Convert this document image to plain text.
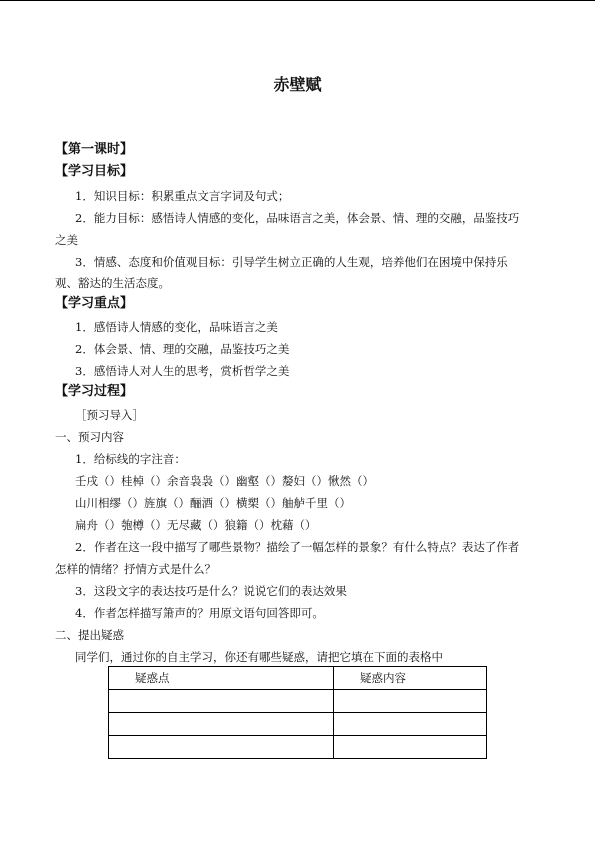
赤壁赋
【第一课时】
【学习目标】
1．知识目标：积累重点文言字词及句式；
2．能力目标：感悟诗人情感的变化，品味语言之美，体会景、情、理的交融，品鉴技巧
之美
3．情感、态度和价值观目标：引导学生树立正确的人生观，培养他们在困境中保持乐
观、豁达的生活态度。
【学习重点】
1．感悟诗人情感的变化，品味语言之美
2．体会景、情、理的交融，品鉴技巧之美
3．感悟诗人对人生的思考，赏析哲学之美
【学习过程】
［预习导入］
一、预习内容
1．给标线的字注音：
壬戌（）桂棹（）余音袅袅（）幽壑（）嫠妇（）愀然（）
山川相缪（）旌旗（）酾酒（）横槊（）舳舻千里（）
扁舟（）匏樽（）无尽藏（）狼籍（）枕藉（）
2．作者在这一段中描写了哪些景物？描绘了一幅怎样的景象？有什么特点？表达了作者
怎样的情绪？抒情方式是什么？
3．这段文字的表达技巧是什么？说说它们的表达效果
4．作者怎样描写箫声的？用原文语句回答即可。
二、提出疑惑
同学们，通过你的自主学习，你还有哪些疑惑，请把它填在下面的表格中
疑惑点	疑惑内容
